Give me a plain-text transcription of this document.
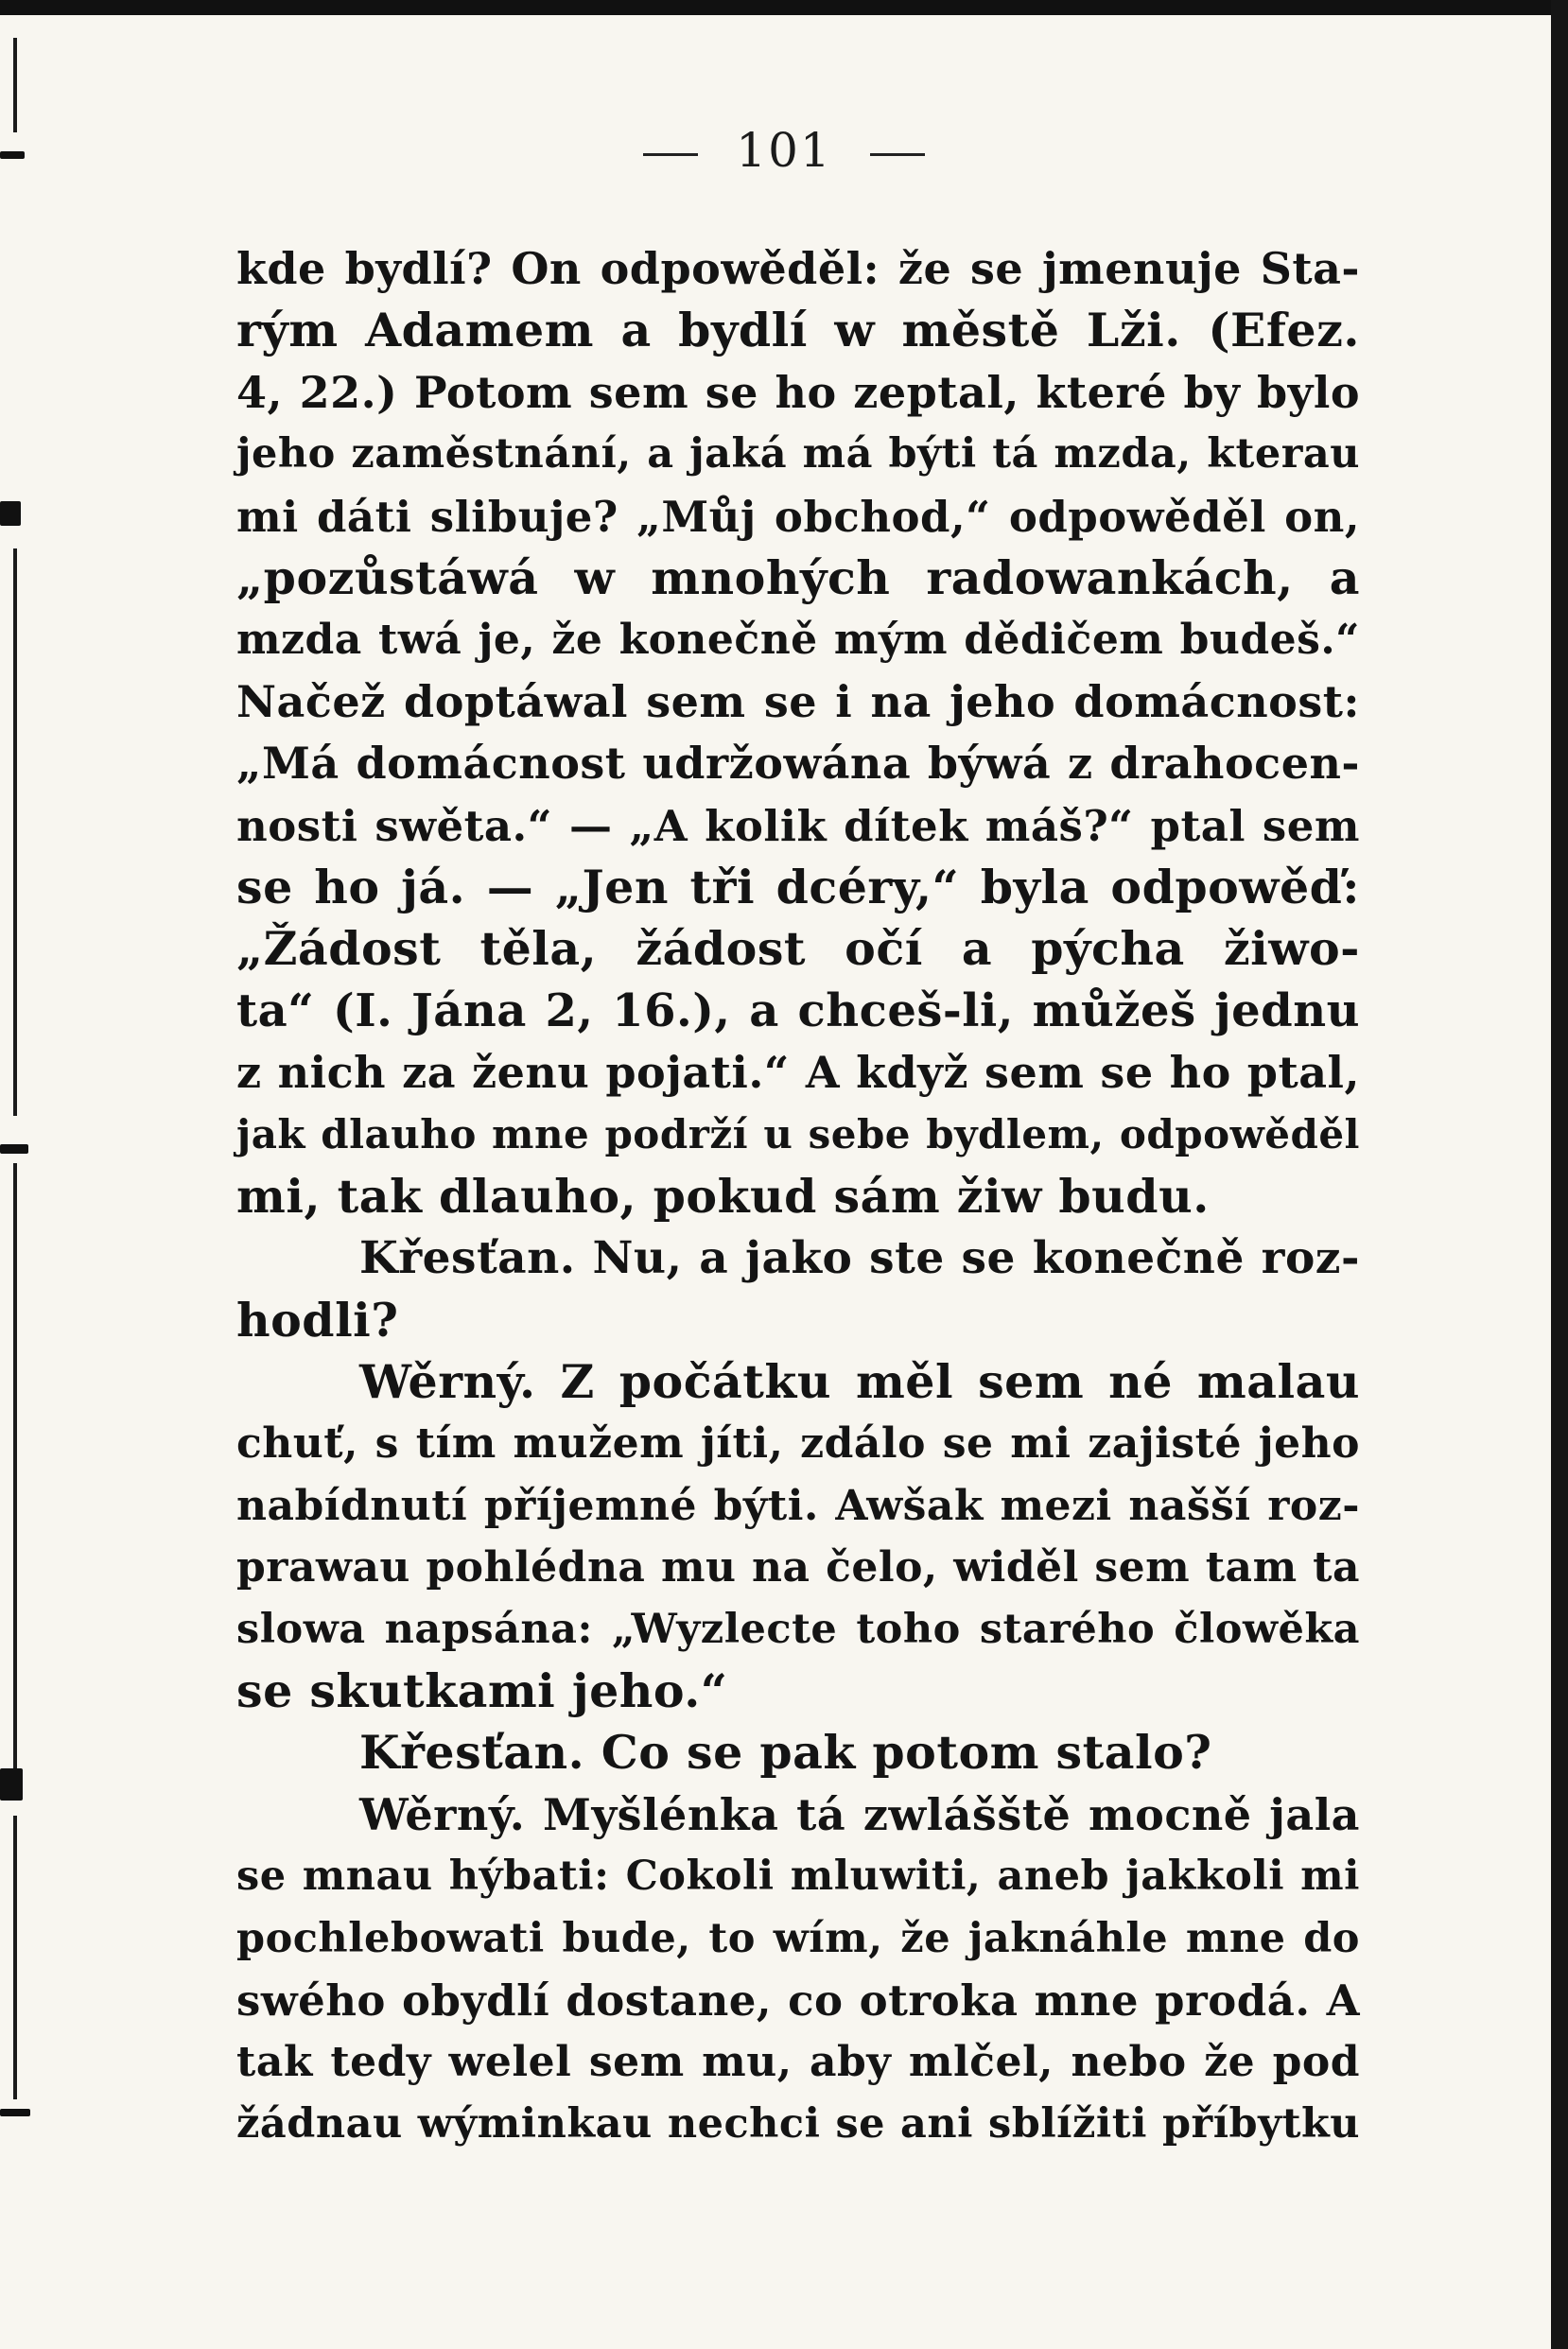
101
kde bydlí? On odpowěděl: že se jmenuje Sta-
rým Adamem a bydlí w městě Lži. (Efez.
4, 22.) Potom sem se ho zeptal, které by bylo
jeho zaměstnání, a jaká má býti tá mzda, kterau
mi dáti slibuje? „Můj obchod,“ odpowěděl on,
„pozůstáwá w mnohých radowankách, a
mzda twá je, že konečně mým dědičem budeš.“
Načež doptáwal sem se i na jeho domácnost:
„Má domácnost udržowána býwá z drahocen-
nosti swěta.“ — „A kolik dítek máš?“ ptal sem
se ho já. — „Jen tři dcéry,“ byla odpowěď:
„Žádost těla, žádost očí a pýcha žiwo-
ta“ (I. Jána 2, 16.), a chceš-li, můžeš jednu
z nich za ženu pojati.“ A když sem se ho ptal,
jak dlauho mne podrží u sebe bydlem, odpowěděl
mi, tak dlauho, pokud sám žiw budu.
Křesťan. Nu, a jako ste se konečně roz-
hodli?
Wěrný. Z počátku měl sem né malau
chuť, s tím mužem jíti, zdálo se mi zajisté jeho
nabídnutí příjemné býti. Awšak mezi našší roz-
prawau pohlédna mu na čelo, widěl sem tam ta
slowa napsána: „Wyzlecte toho starého člowěka
se skutkami jeho.“
Křesťan. Co se pak potom stalo?
Wěrný. Myšlénka tá zwlášště mocně jala
se mnau hýbati: Cokoli mluwiti, aneb jakkoli mi
pochlebowati bude, to wím, že jaknáhle mne do
swého obydlí dostane, co otroka mne prodá. A
tak tedy welel sem mu, aby mlčel, nebo že pod
žádnau wýminkau nechci se ani sblížiti příbytku
